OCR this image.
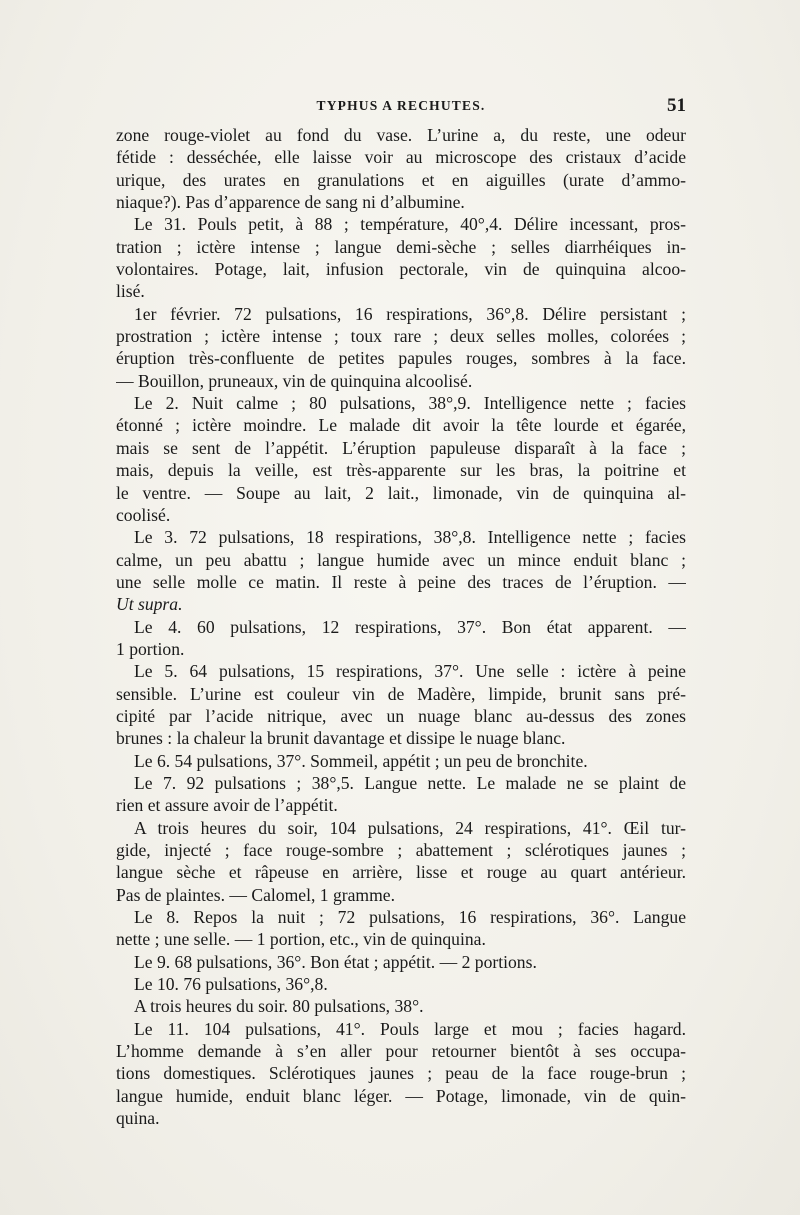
TYPHUS A RECHUTES.	51
zone rouge-violet au fond du vase. L’urine a, du reste, une odeur
fétide : desséchée, elle laisse voir au microscope des cristaux d’acide
urique, des urates en granulations et en aiguilles (urate d’ammo-
niaque?). Pas d’apparence de sang ni d’albumine.
Le 31. Pouls petit, à 88 ; température, 40°,4. Délire incessant, pros-
tration ; ictère intense ; langue demi-sèche ; selles diarrhéiques in-
volontaires. Potage, lait, infusion pectorale, vin de quinquina alcoo-
lisé.
1er février. 72 pulsations, 16 respirations, 36°,8. Délire persistant ;
prostration ; ictère intense ; toux rare ; deux selles molles, colorées ;
éruption très-confluente de petites papules rouges, sombres à la face.
— Bouillon, pruneaux, vin de quinquina alcoolisé.
Le 2. Nuit calme ; 80 pulsations, 38°,9. Intelligence nette ; facies
étonné ; ictère moindre. Le malade dit avoir la tête lourde et égarée,
mais se sent de l’appétit. L’éruption papuleuse disparaît à la face ;
mais, depuis la veille, est très-apparente sur les bras, la poitrine et
le ventre. — Soupe au lait, 2 lait., limonade, vin de quinquina al-
coolisé.
Le 3. 72 pulsations, 18 respirations, 38°,8. Intelligence nette ; facies
calme, un peu abattu ; langue humide avec un mince enduit blanc ;
une selle molle ce matin. Il reste à peine des traces de l’éruption. —
Ut supra.
Le 4. 60 pulsations, 12 respirations, 37°. Bon état apparent. —
1 portion.
Le 5. 64 pulsations, 15 respirations, 37°. Une selle : ictère à peine
sensible. L’urine est couleur vin de Madère, limpide, brunit sans pré-
cipité par l’acide nitrique, avec un nuage blanc au-dessus des zones
brunes : la chaleur la brunit davantage et dissipe le nuage blanc.
Le 6. 54 pulsations, 37°. Sommeil, appétit ; un peu de bronchite.
Le 7. 92 pulsations ; 38°,5. Langue nette. Le malade ne se plaint de
rien et assure avoir de l’appétit.
A trois heures du soir, 104 pulsations, 24 respirations, 41°. Œil tur-
gide, injecté ; face rouge-sombre ; abattement ; sclérotiques jaunes ;
langue sèche et râpeuse en arrière, lisse et rouge au quart antérieur.
Pas de plaintes. — Calomel, 1 gramme.
Le 8. Repos la nuit ; 72 pulsations, 16 respirations, 36°. Langue
nette ; une selle. — 1 portion, etc., vin de quinquina.
Le 9. 68 pulsations, 36°. Bon état ; appétit. — 2 portions.
Le 10. 76 pulsations, 36°,8.
A trois heures du soir. 80 pulsations, 38°.
Le 11. 104 pulsations, 41°. Pouls large et mou ; facies hagard.
L’homme demande à s’en aller pour retourner bientôt à ses occupa-
tions domestiques. Sclérotiques jaunes ; peau de la face rouge-brun ;
langue humide, enduit blanc léger. — Potage, limonade, vin de quin-
quina.
